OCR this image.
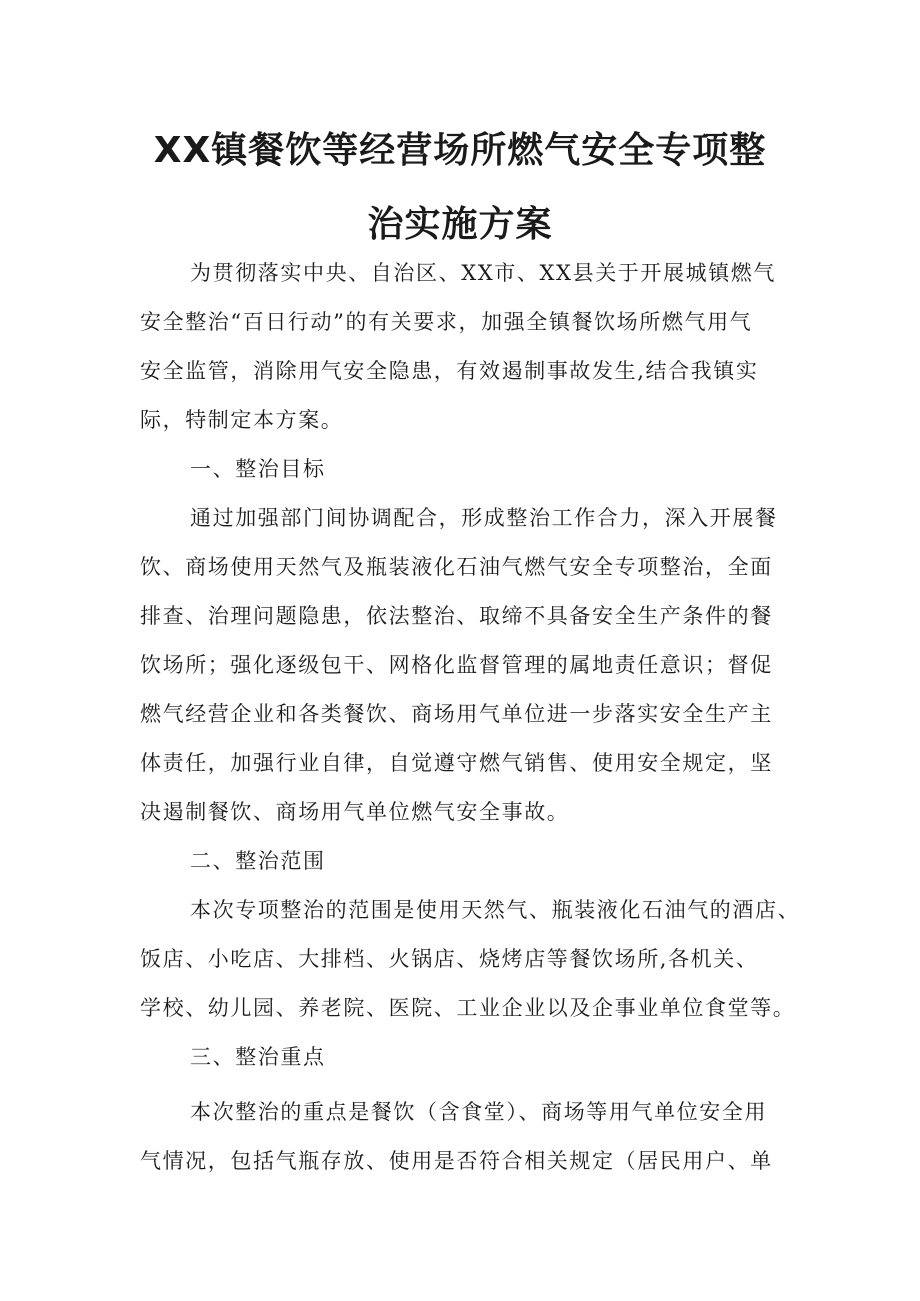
XX镇餐饮等经营场所燃气安全专项整
治实施方案

为贯彻落实中央、自治区、XX市、XX县关于开展城镇燃气

安全整治“百日行动”的有关要求，加强全镇餐饮场所燃气用气

安全监管，消除用气安全隐患，有效遏制事故发生,结合我镇实

际，特制定本方案。

一、整治目标

通过加强部门间协调配合，形成整治工作合力，深入开展餐

饮、商场使用天然气及瓶装液化石油气燃气安全专项整治，全面

排查、治理问题隐患，依法整治、取缔不具备安全生产条件的餐

饮场所；强化逐级包干、网格化监督管理的属地责任意识；督促

燃气经营企业和各类餐饮、商场用气单位进一步落实安全生产主

体责任，加强行业自律，自觉遵守燃气销售、使用安全规定，坚

决遏制餐饮、商场用气单位燃气安全事故。

二、整治范围

本次专项整治的范围是使用天然气、瓶装液化石油气的酒店、

饭店、小吃店、大排档、火锅店、烧烤店等餐饮场所,各机关、

学校、幼儿园、养老院、医院、工业企业以及企事业单位食堂等。

三、整治重点

本次整治的重点是餐饮（含食堂）、商场等用气单位安全用

气情况，包括气瓶存放、使用是否符合相关规定（居民用户、单
